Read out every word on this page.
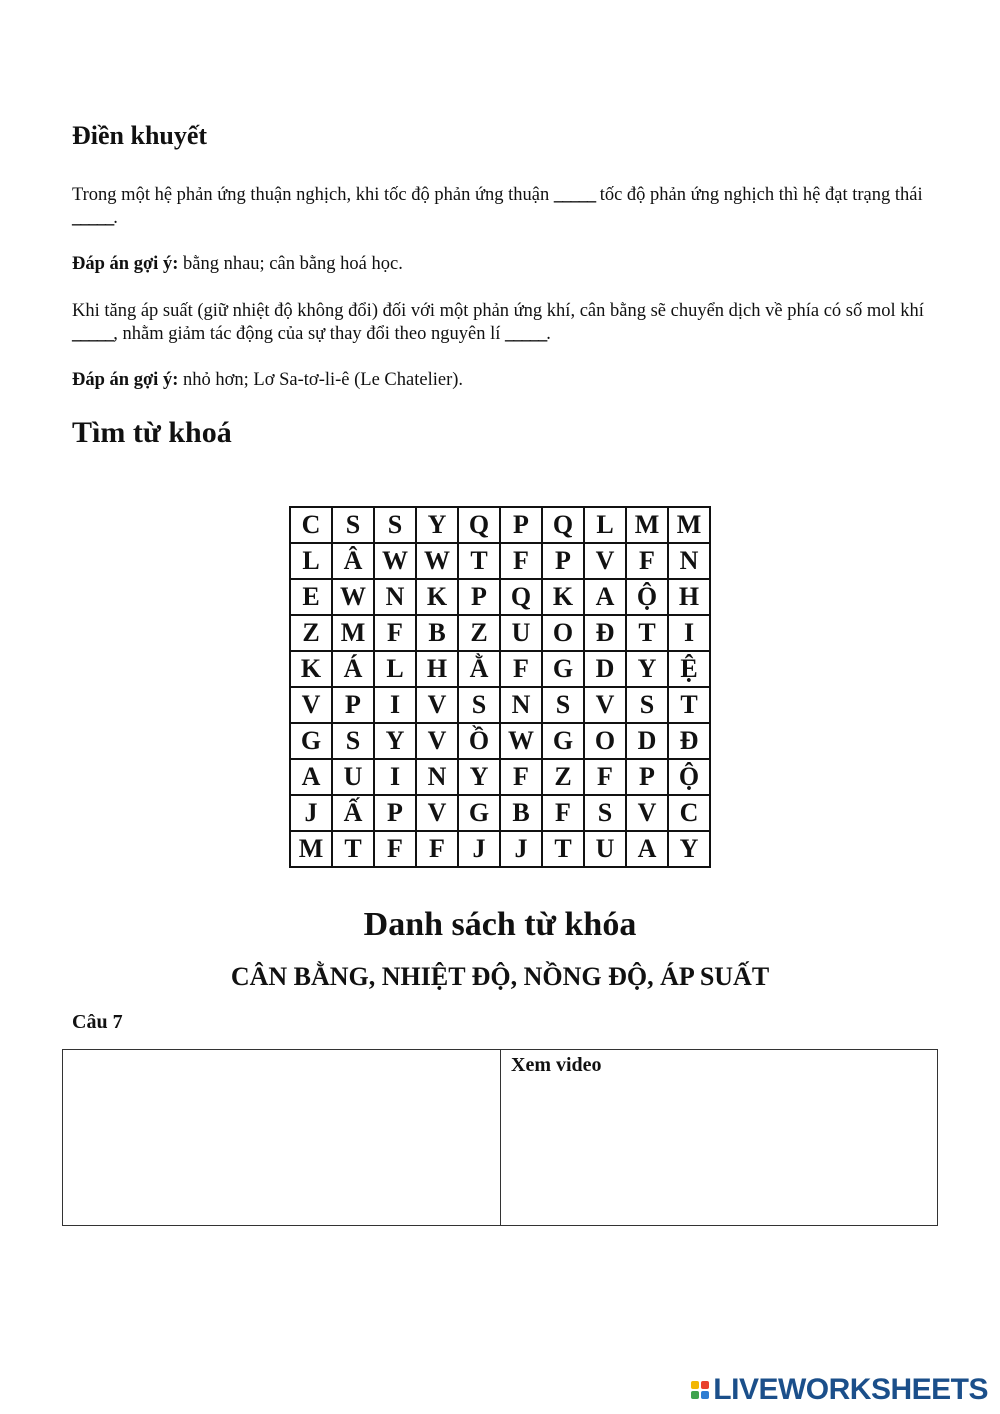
Điền khuyết

Trong một hệ phản ứng thuận nghịch, khi tốc độ phản ứng thuận _____ tốc độ phản ứng nghịch thì hệ đạt trạng thái _____.

Đáp án gợi ý: bằng nhau; cân bằng hoá học.

Khi tăng áp suất (giữ nhiệt độ không đổi) đối với một phản ứng khí, cân bằng sẽ chuyển dịch về phía có số mol khí _____, nhằm giảm tác động của sự thay đổi theo nguyên lí _____.

Đáp án gợi ý: nhỏ hơn; Lơ Sa-tơ-li-ê (Le Chatelier).

Tìm từ khoá
C	S	S	Y	Q	P	Q	L	M	M
L	Â	W	W	T	F	P	V	F	N
E	W	N	K	P	Q	K	A	Ộ	H
Z	M	F	B	Z	U	O	Đ	T	I
K	Á	L	H	Ằ	F	G	D	Y	Ệ
V	P	I	V	S	N	S	V	S	T
G	S	Y	V	Ồ	W	G	O	D	Đ
A	U	I	N	Y	F	Z	F	P	Ộ
J	Ấ	P	V	G	B	F	S	V	C
M	T	F	F	J	J	T	U	A	Y
Danh sách từ khóa

CÂN BẰNG, NHIỆT ĐỘ, NỒNG ĐỘ, ÁP SUẤT

Câu 7

Xem video
LIVEWORKSHEETS
